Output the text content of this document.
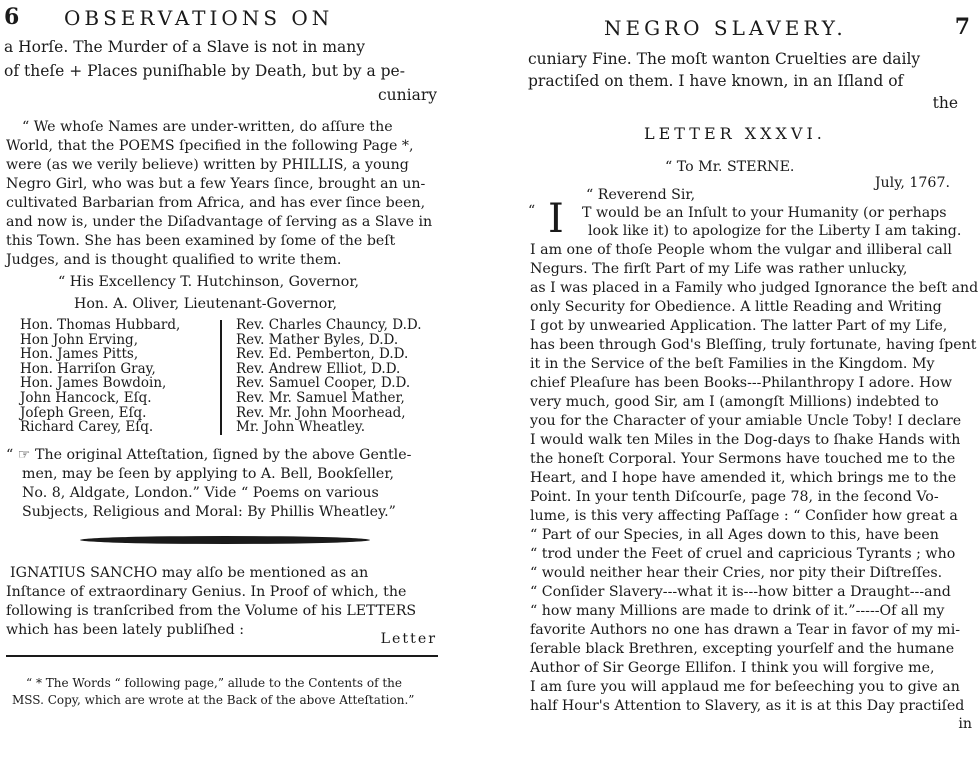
6 OBSERVATIONS ON
a Horſe. The Murder of a Slave is not in many
of theſe + Places puniſhable by Death, but by a pe-
cuniary
“ We whoſe Names are under-written, do aſſure the
World, that the POEMS ſpecified in the following Page *,
were (as we verily believe) written by PHILLIS, a young
Negro Girl, who was but a few Years ſince, brought an un-
cultivated Barbarian from Africa, and has ever ſince been,
and now is, under the Diſadvantage of ſerving as a Slave in
this Town. She has been examined by ſome of the beſt
Judges, and is thought qualified to write them.
“ His Excellency T. Hutchinson, Governor,
Hon. A. Oliver, Lieutenant-Governor,
Hon. Thomas Hubbard,
Hon John Erving,
Hon. James Pitts,
Hon. Harriſon Gray,
Hon. James Bowdoin,
John Hancock, Eſq.
Joſeph Green, Eſq.
Richard Carey, Eſq.
Rev. Charles Chauncy, D.D.
Rev. Mather Byles, D.D.
Rev. Ed. Pemberton, D.D.
Rev. Andrew Elliot, D.D.
Rev. Samuel Cooper, D.D.
Rev. Mr. Samuel Mather,
Rev. Mr. John Moorhead,
Mr. John Wheatley.
“ ☞ The original Atteſtation, ſigned by the above Gentle-
men, may be ſeen by applying to A. Bell, Bookſeller,
No. 8, Aldgate, London.” Vide “ Poems on various
Subjects, Religious and Moral: By Phillis Wheatley.”
IGNATIUS SANCHO may alſo be mentioned as an
Inſtance of extraordinary Genius. In Proof of which, the
following is tranſcribed from the Volume of his LETTERS
which has been lately publiſhed :
Letter
“ * The Words “ following page,” allude to the Contents of the
MSS. Copy, which are wrote at the Back of the above Atteſtation.”
NEGRO SLAVERY.	7
cuniary Fine. The moſt wanton Cruelties are daily
practiſed on them. I have known, in an Iſland of
the
LETTER XXXVI.
“ To Mr. STERNE.
July, 1767.
“ Reverend Sir,
“ I T would be an Inſult to your Humanity (or perhaps
look like it) to apologize for the Liberty I am taking.
I am one of thoſe People whom the vulgar and illiberal call
Negurs. The firſt Part of my Life was rather unlucky,
as I was placed in a Family who judged Ignorance the beſt and
only Security for Obedience. A little Reading and Writing
I got by unwearied Application. The latter Part of my Life,
has been through God's Bleſſing, truly fortunate, having ſpent
it in the Service of the beſt Families in the Kingdom. My
chief Pleaſure has been Books---Philanthropy I adore. How
very much, good Sir, am I (amongſt Millions) indebted to
you for the Character of your amiable Uncle Toby! I declare
I would walk ten Miles in the Dog-days to ſhake Hands with
the honeſt Corporal. Your Sermons have touched me to the
Heart, and I hope have amended it, which brings me to the
Point. In your tenth Diſcourſe, page 78, in the ſecond Vo-
lume, is this very affecting Paſſage : “ Conſider how great a
“ Part of our Species, in all Ages down to this, have been
“ trod under the Feet of cruel and capricious Tyrants ; who
“ would neither hear their Cries, nor pity their Diſtreſſes.
“ Conſider Slavery---what it is---how bitter a Draught---and
“ how many Millions are made to drink of it.”-----Of all my
favorite Authors no one has drawn a Tear in favor of my mi-
ſerable black Brethren, excepting yourſelf and the humane
Author of Sir George Ellifon. I think you will forgive me,
I am ſure you will applaud me for beſeeching you to give an
half Hour's Attention to Slavery, as it is at this Day practiſed
in
